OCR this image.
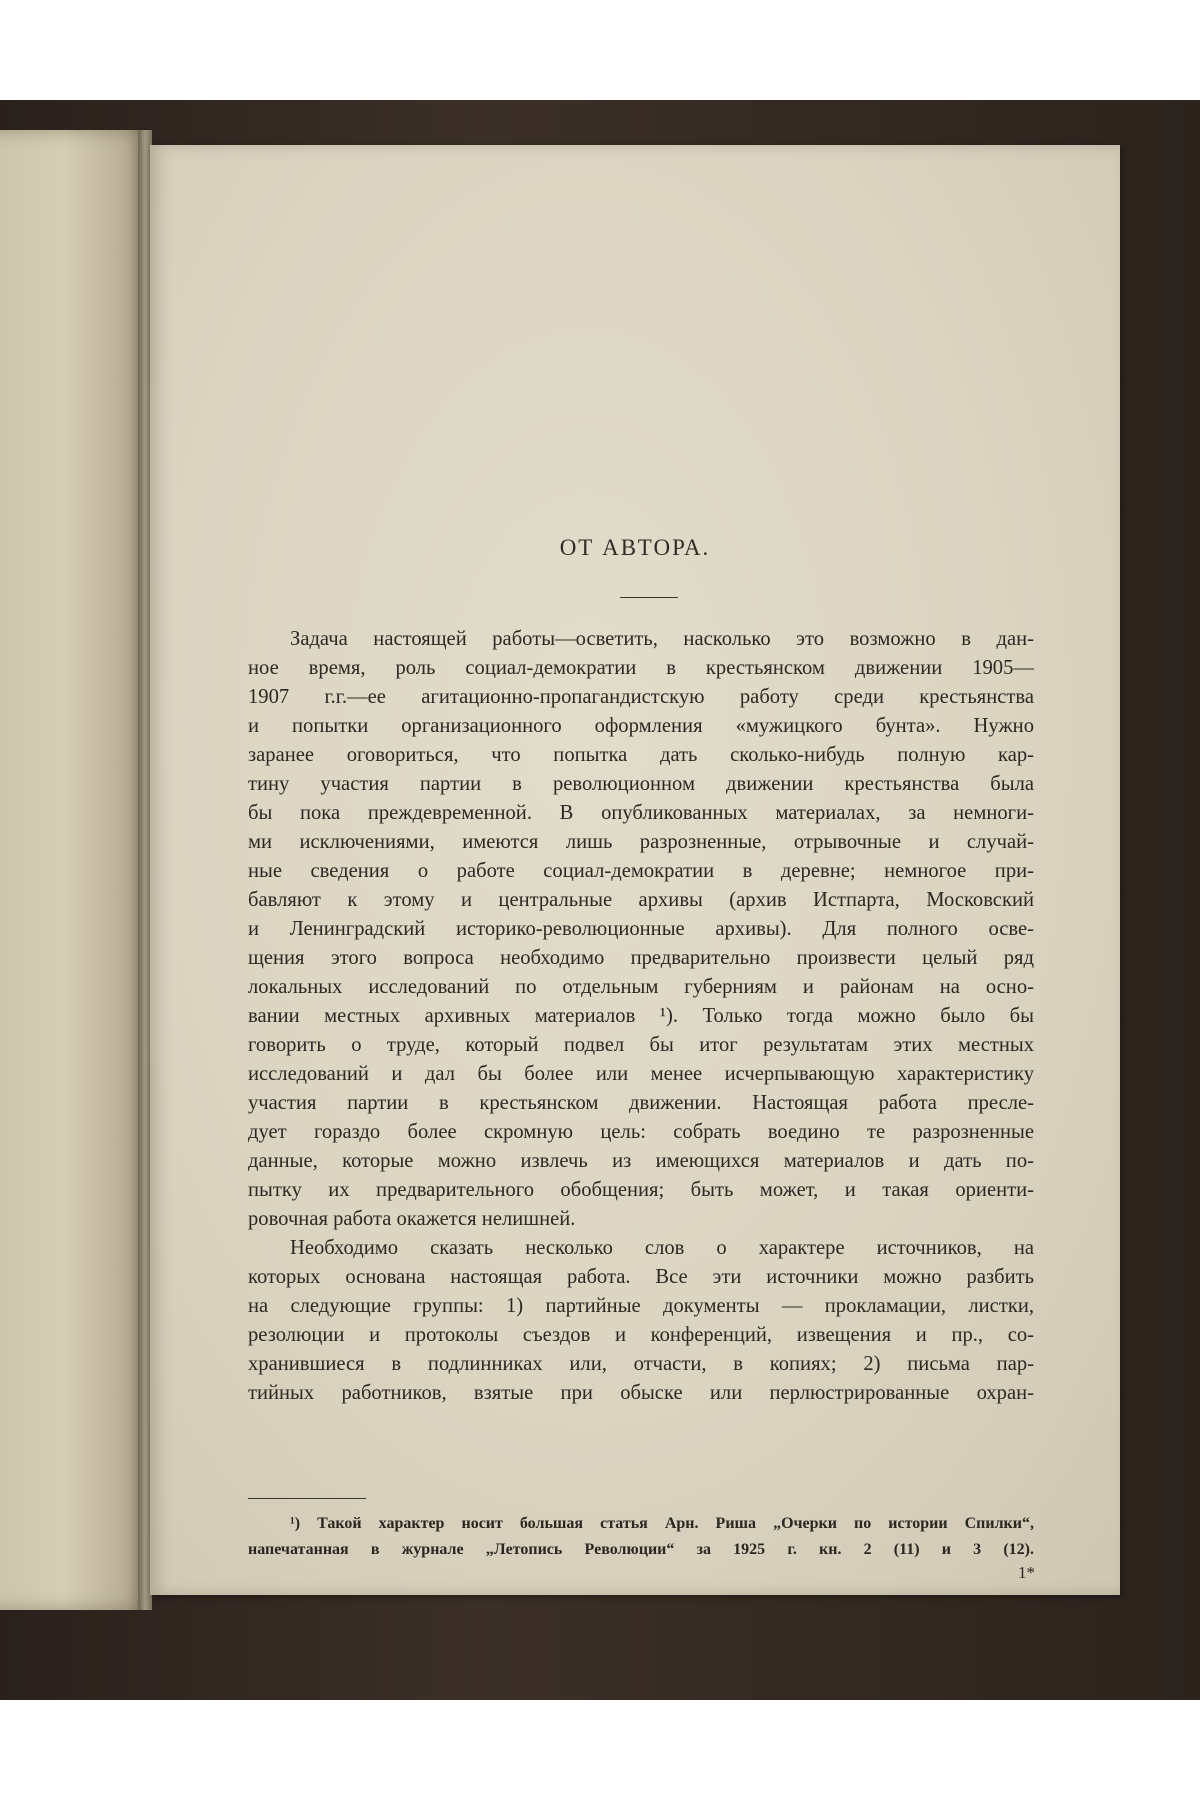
ОТ АВТОРА.
Задача настоящей работы—осветить, насколько это возможно в дан-
ное время, роль социал-демократии в крестьянском движении 1905—
1907 г.г.—ее агитационно-пропагандистскую работу среди крестьянства
и попытки организационного оформления «мужицкого бунта». Нужно
заранее оговориться, что попытка дать сколько-нибудь полную кар-
тину участия партии в революционном движении крестьянства была
бы пока преждевременной. В опубликованных материалах, за немноги-
ми исключениями, имеются лишь разрозненные, отрывочные и случай-
ные сведения о работе социал-демократии в деревне; немногое при-
бавляют к этому и центральные архивы (архив Истпарта, Московский
и Ленинградский историко-революционные архивы). Для полного осве-
щения этого вопроса необходимо предварительно произвести целый ряд
локальных исследований по отдельным губерниям и районам на осно-
вании местных архивных материалов ¹). Только тогда можно было бы
говорить о труде, который подвел бы итог результатам этих местных
исследований и дал бы более или менее исчерпывающую характеристику
участия партии в крестьянском движении. Настоящая работа пресле-
дует гораздо более скромную цель: собрать воедино те разрозненные
данные, которые можно извлечь из имеющихся материалов и дать по-
пытку их предварительного обобщения; быть может, и такая ориенти-
ровочная работа окажется нелишней.
Необходимо сказать несколько слов о характере источников, на
которых основана настоящая работа. Все эти источники можно разбить
на следующие группы: 1) партийные документы — прокламации, листки,
резолюции и протоколы съездов и конференций, извещения и пр., со-
хранившиеся в подлинниках или, отчасти, в копиях; 2) письма пар-
тийных работников, взятые при обыске или перлюстрированные охран-
¹) Такой характер носит большая статья Арн. Риша „Очерки по истории Спилки“,
напечатанная в журнале „Летопись Революции“ за 1925 г. кн. 2 (11) и 3 (12).
1*
